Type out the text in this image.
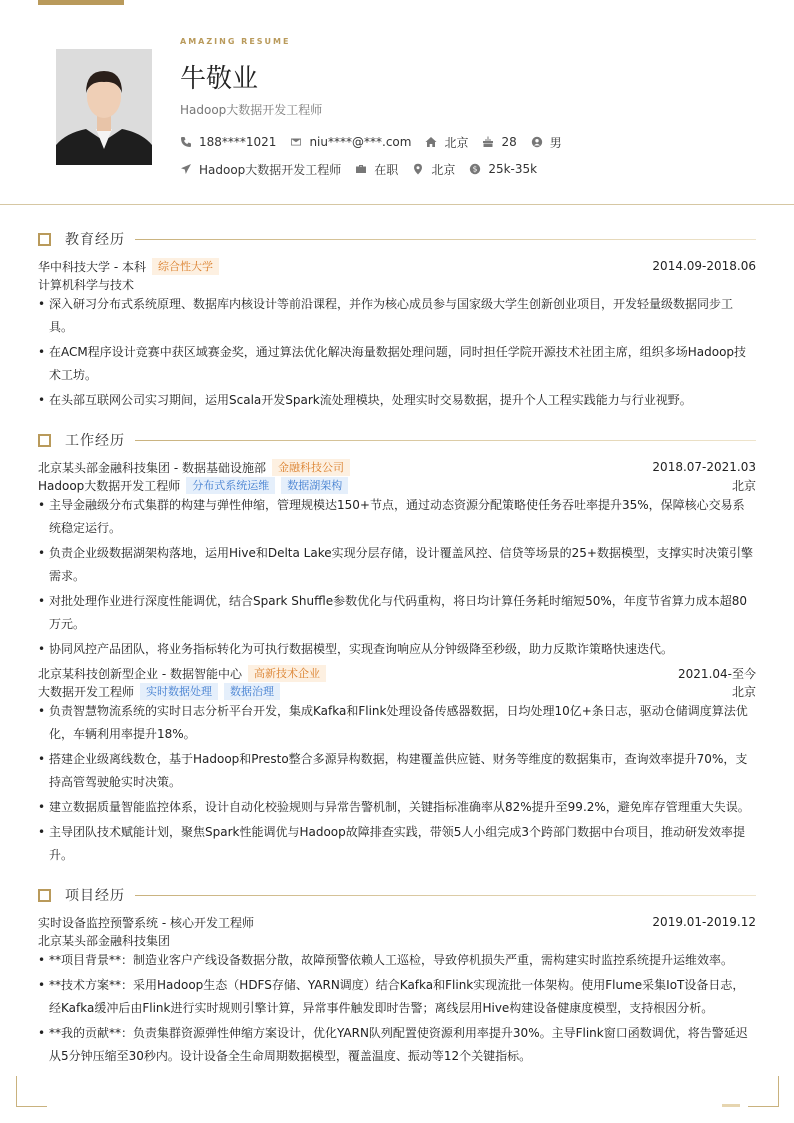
AMAZING RESUME
牛敬业
Hadoop大数据开发工程师
188****1021	niu****@***.com	北京	28	男
Hadoop大数据开发工程师	在职	北京 $ 25k-35k
教育经历
华中科技大学 - 本科	综合性大学	2014.09-2018.06
计算机科学与技术
• 深入研习分布式系统原理、数据库内核设计等前沿课程，并作为核心成员参与国家级大学生创新创业项目，开发轻量级数据同步工具。
• 在ACM程序设计竞赛中获区域赛金奖，通过算法优化解决海量数据处理问题，同时担任学院开源技术社团主席，组织多场Hadoop技术工坊。
• 在头部互联网公司实习期间，运用Scala开发Spark流处理模块，处理实时交易数据，提升个人工程实践能力与行业视野。
工作经历
北京某头部金融科技集团 - 数据基础设施部	金融科技公司	2018.07-2021.03
Hadoop大数据开发工程师	分布式系统运维	数据湖架构	北京
• 主导金融级分布式集群的构建与弹性伸缩，管理规模达150+节点，通过动态资源分配策略使任务吞吐率提升35%，保障核心交易系统稳定运行。
• 负责企业级数据湖架构落地，运用Hive和Delta Lake实现分层存储，设计覆盖风控、信贷等场景的25+数据模型，支撑实时决策引擎需求。
• 对批处理作业进行深度性能调优，结合Spark Shuffle参数优化与代码重构，将日均计算任务耗时缩短50%，年度节省算力成本超80万元。
• 协同风控产品团队，将业务指标转化为可执行数据模型，实现查询响应从分钟级降至秒级，助力反欺诈策略快速迭代。
北京某科技创新型企业 - 数据智能中心	高新技术企业	2021.04-至今
大数据开发工程师	实时数据处理	数据治理	北京
• 负责智慧物流系统的实时日志分析平台开发，集成Kafka和Flink处理设备传感器数据，日均处理10亿+条日志，驱动仓储调度算法优化，车辆利用率提升18%。
• 搭建企业级离线数仓，基于Hadoop和Presto整合多源异构数据，构建覆盖供应链、财务等维度的数据集市，查询效率提升70%，支持高管驾驶舱实时决策。
• 建立数据质量智能监控体系，设计自动化校验规则与异常告警机制，关键指标准确率从82%提升至99.2%，避免库存管理重大失误。
• 主导团队技术赋能计划，聚焦Spark性能调优与Hadoop故障排查实践，带领5人小组完成3个跨部门数据中台项目，推动研发效率提升。
项目经历
实时设备监控预警系统 - 核心开发工程师	2019.01-2019.12
北京某头部金融科技集团
• **项目背景**：制造业客户产线设备数据分散，故障预警依赖人工巡检，导致停机损失严重，需构建实时监控系统提升运维效率。
• **技术方案**：采用Hadoop生态（HDFS存储、YARN调度）结合Kafka和Flink实现流批一体架构。使用Flume采集IoT设备日志，经Kafka缓冲后由Flink进行实时规则引擎计算，异常事件触发即时告警；离线层用Hive构建设备健康度模型，支持根因分析。
• **我的贡献**：负责集群资源弹性伸缩方案设计，优化YARN队列配置使资源利用率提升30%。主导Flink窗口函数调优，将告警延迟从5分钟压缩至30秒内。设计设备全生命周期数据模型，覆盖温度、振动等12个关键指标。
